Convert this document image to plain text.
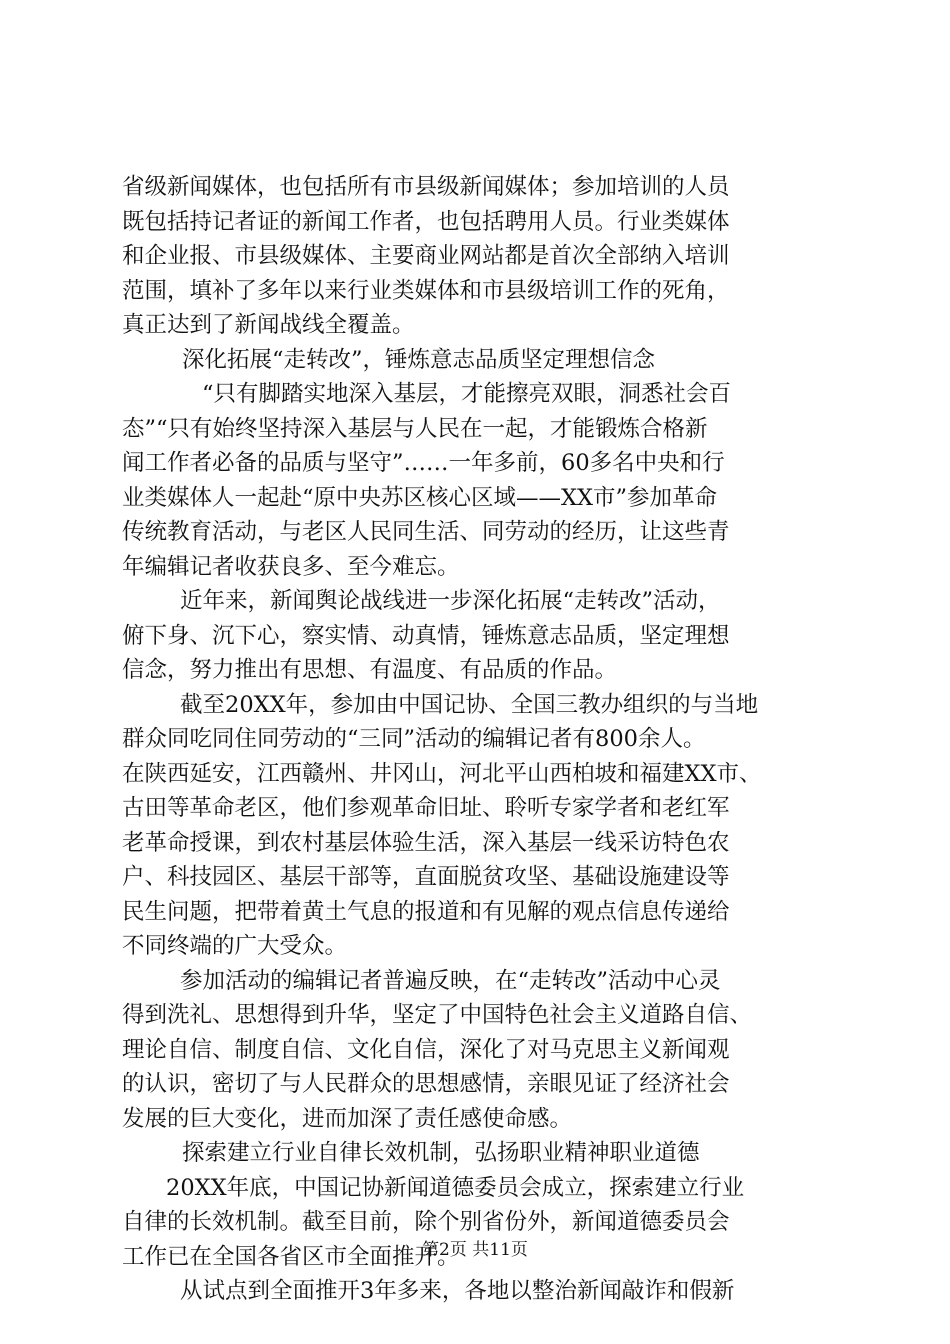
省级新闻媒体，也包括所有市县级新闻媒体；参加培训的人员
既包括持记者证的新闻工作者，也包括聘用人员。行业类媒体
和企业报、市县级媒体、主要商业网站都是首次全部纳入培训
范围，填补了多年以来行业类媒体和市县级培训工作的死角，
真正达到了新闻战线全覆盖。
深化拓展“走转改”，锤炼意志品质坚定理想信念
“只有脚踏实地深入基层，才能擦亮双眼，洞悉社会百
态”“只有始终坚持深入基层与人民在一起，才能锻炼合格新
闻工作者必备的品质与坚守”……一年多前，60多名中央和行
业类媒体人一起赴“原中央苏区核心区域——XX市”参加革命
传统教育活动，与老区人民同生活、同劳动的经历，让这些青
年编辑记者收获良多、至今难忘。
近年来，新闻舆论战线进一步深化拓展“走转改”活动，
俯下身、沉下心，察实情、动真情，锤炼意志品质，坚定理想
信念，努力推出有思想、有温度、有品质的作品。
截至20XX年，参加由中国记协、全国三教办组织的与当地
群众同吃同住同劳动的“三同”活动的编辑记者有800余人。
在陕西延安，江西赣州、井冈山，河北平山西柏坡和福建XX市、
古田等革命老区，他们参观革命旧址、聆听专家学者和老红军
老革命授课，到农村基层体验生活，深入基层一线采访特色农
户、科技园区、基层干部等，直面脱贫攻坚、基础设施建设等
民生问题，把带着黄土气息的报道和有见解的观点信息传递给
不同终端的广大受众。
参加活动的编辑记者普遍反映，在“走转改”活动中心灵
得到洗礼、思想得到升华，坚定了中国特色社会主义道路自信、
理论自信、制度自信、文化自信，深化了对马克思主义新闻观
的认识，密切了与人民群众的思想感情，亲眼见证了经济社会
发展的巨大变化，进而加深了责任感使命感。
探索建立行业自律长效机制，弘扬职业精神职业道德
20XX年底，中国记协新闻道德委员会成立，探索建立行业
自律的长效机制。截至目前，除个别省份外，新闻道德委员会
工作已在全国各省区市全面推开。
从试点到全面推开3年多来，各地以整治新闻敲诈和假新
第2页 共11页
